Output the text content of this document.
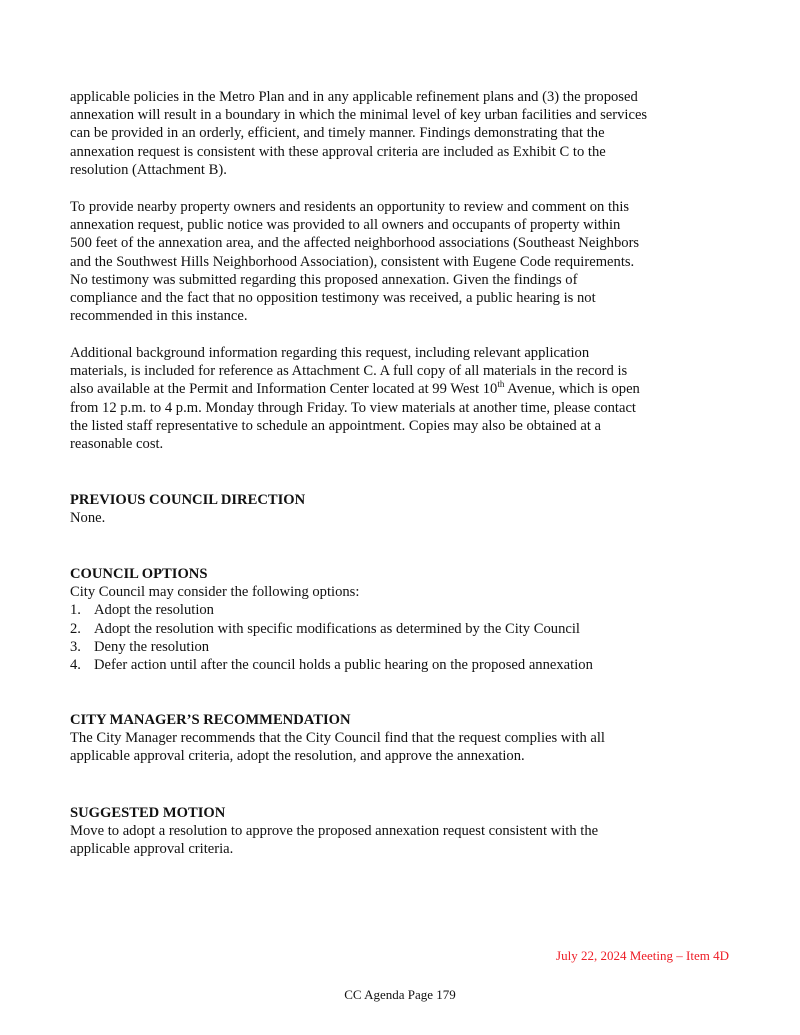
applicable policies in the Metro Plan and in any applicable refinement plans and (3) the proposed
annexation will result in a boundary in which the minimal level of key urban facilities and services
can be provided in an orderly, efficient, and timely manner. Findings demonstrating that the
annexation request is consistent with these approval criteria are included as Exhibit C to the
resolution (Attachment B).
To provide nearby property owners and residents an opportunity to review and comment on this
annexation request, public notice was provided to all owners and occupants of property within
500 feet of the annexation area, and the affected neighborhood associations (Southeast Neighbors
and the Southwest Hills Neighborhood Association), consistent with Eugene Code requirements.
No testimony was submitted regarding this proposed annexation. Given the findings of
compliance and the fact that no opposition testimony was received, a public hearing is not
recommended in this instance.
Additional background information regarding this request, including relevant application
materials, is included for reference as Attachment C. A full copy of all materials in the record is
also available at the Permit and Information Center located at 99 West 10th Avenue, which is open
from 12 p.m. to 4 p.m. Monday through Friday. To view materials at another time, please contact
the listed staff representative to schedule an appointment. Copies may also be obtained at a
reasonable cost.
PREVIOUS COUNCIL DIRECTION
None.
COUNCIL OPTIONS
City Council may consider the following options:
1. Adopt the resolution
2. Adopt the resolution with specific modifications as determined by the City Council
3. Deny the resolution
4. Defer action until after the council holds a public hearing on the proposed annexation
CITY MANAGER’S RECOMMENDATION
The City Manager recommends that the City Council find that the request complies with all
applicable approval criteria, adopt the resolution, and approve the annexation.
SUGGESTED MOTION
Move to adopt a resolution to approve the proposed annexation request consistent with the
applicable approval criteria.
July 22, 2024 Meeting – Item 4D
CC Agenda Page 179
